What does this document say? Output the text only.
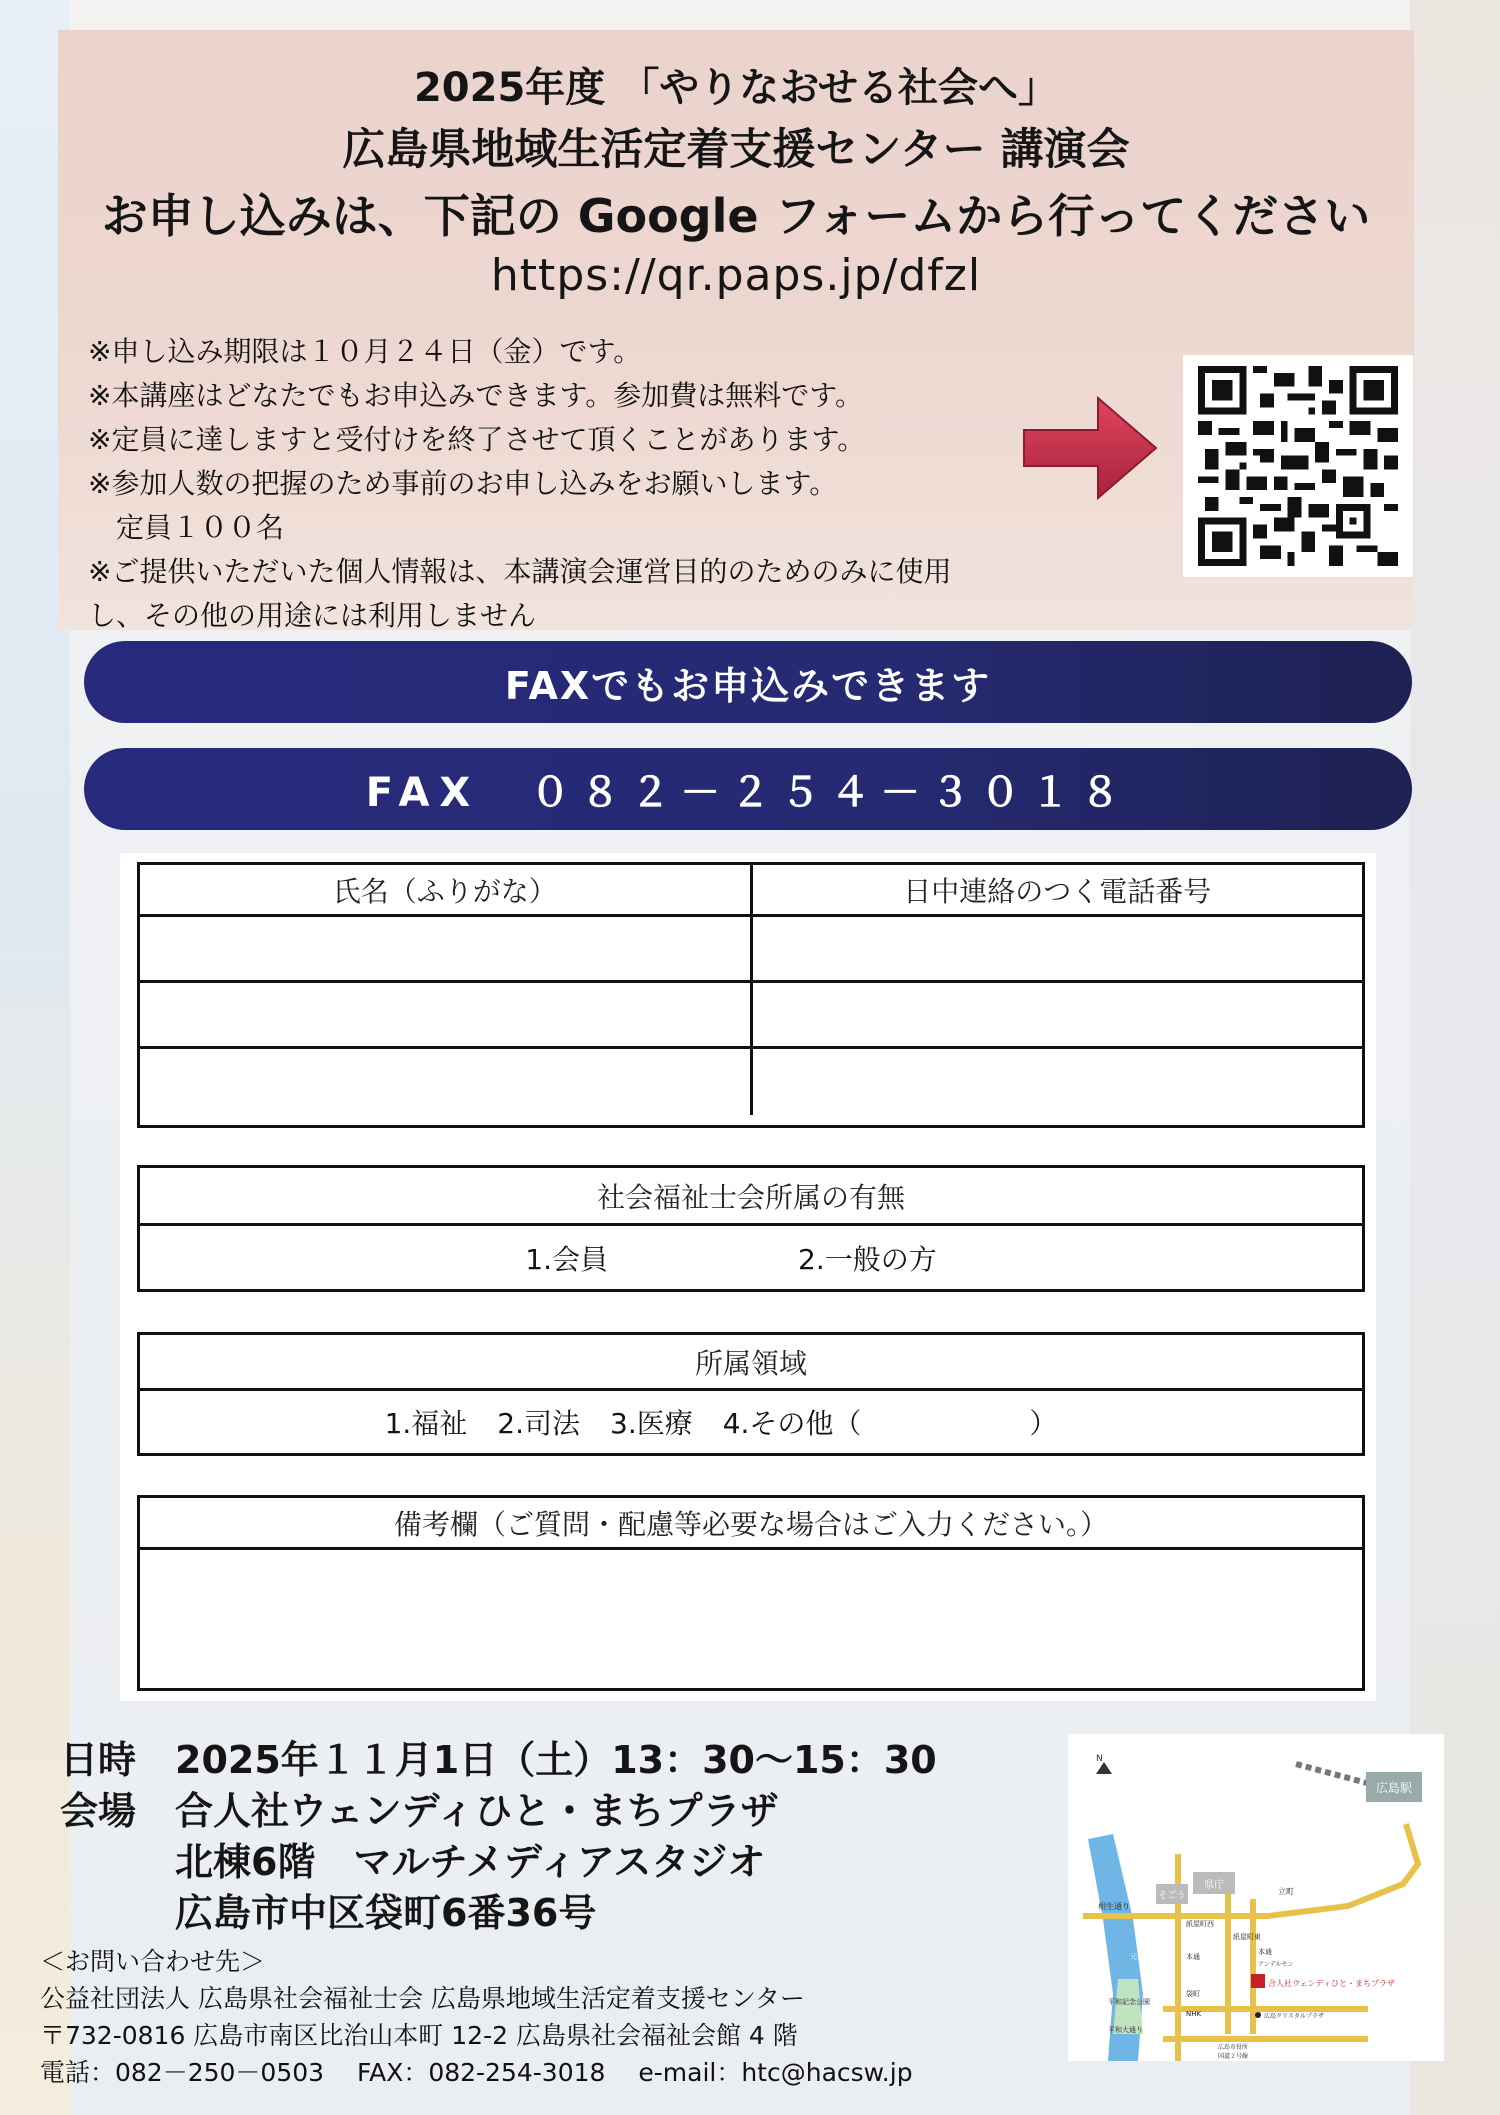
2025年度 「やりなおせる社会へ」
広島県地域生活定着支援センター 講演会
お申し込みは、下記の Google フォームから行ってください
https://qr.paps.jp/dfzl
※申し込み期限は１０月２４日（金）です。
※本講座はどなたでもお申込みできます。参加費は無料です。
※定員に達しますと受付けを終了させて頂くことがあります。
※参加人数の把握のため事前のお申し込みをお願いします。
定員１００名
※ご提供いただいた個人情報は、本講演会運営目的のためのみに使用
し、その他の用途には利用しません
FAXでもお申込みできます
FAX　０８２－２５４－３０１８
氏名（ふりがな）	日中連絡のつく電話番号
社会福祉士会所属の有無
1.会員	2.一般の方
所属領域
1.福祉 2.司法 3.医療 4.その他（　　　　　　）
備考欄（ご質問・配慮等必要な場合はご入力ください。）
日時	2025年１１月1日（土）13：30〜15：30
会場	合人社ウェンディひと・まちプラザ
北棟6階　マルチメディアスタジオ
広島市中区袋町6番36号
＜お問い合わせ先＞
公益社団法人 広島県社会福祉士会 広島県地域生活定着支援センター
〒732-0816 広島市南区比治山本町 12-2 広島県社会福祉会館 4 階
電話：082－250－0503　 FAX：082-254-3018　 e-mail：htc@hacsw.jp
広島駅
そごう
県庁
相生通り
立町
紙屋町西
紙屋町東
本通
本通
アンデルセン
合人社ウェンディひと・まちプラザ
袋町
平和記念公園
NHK	広島クリスタルプラザ
平和大通り
広島市役所
国道２号線
元安川
N
